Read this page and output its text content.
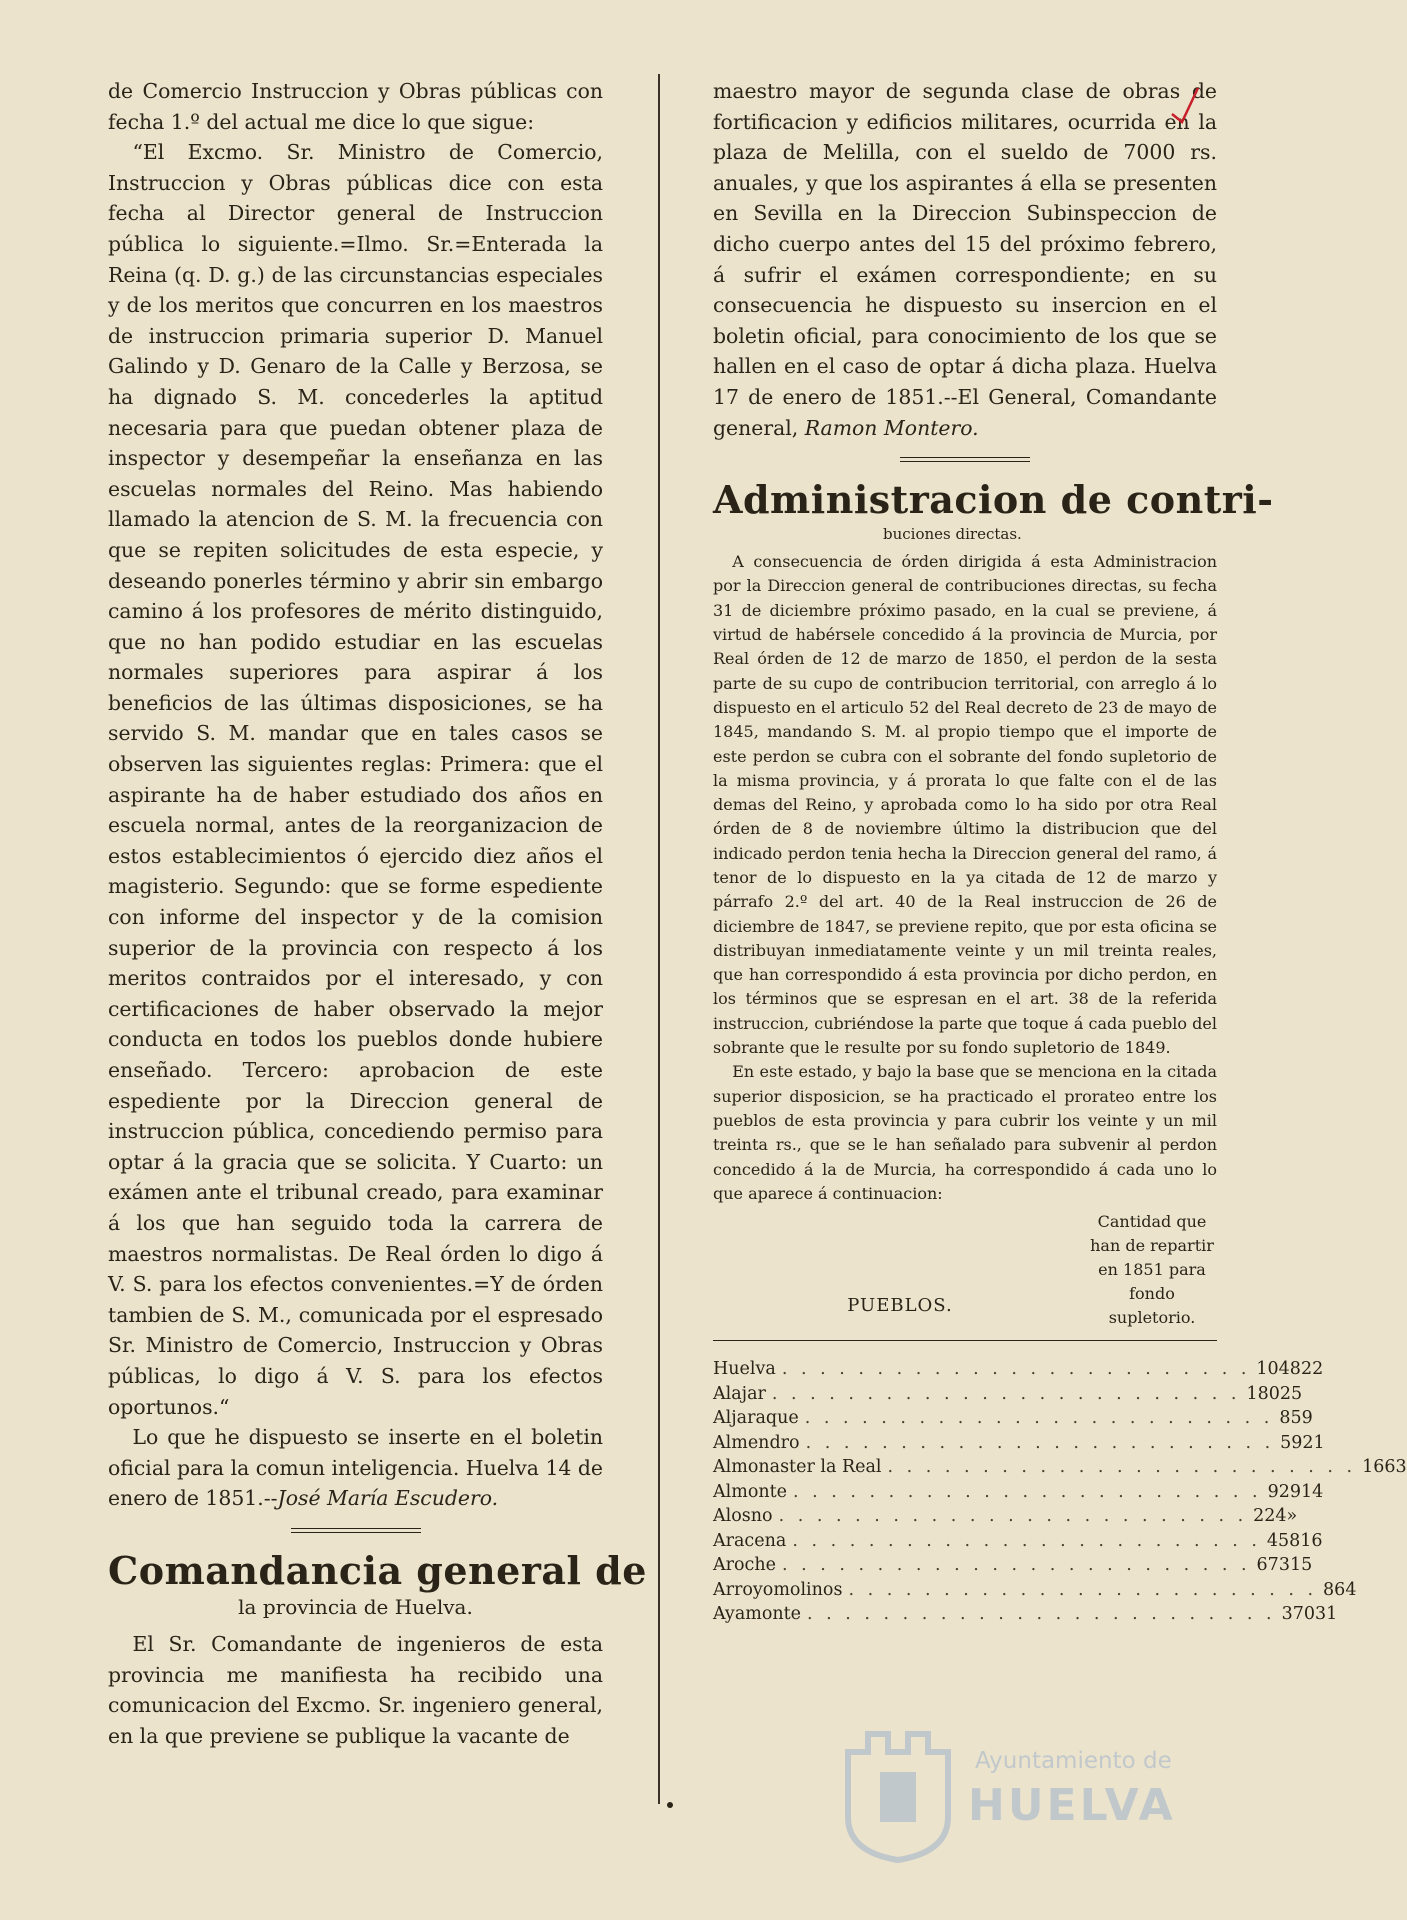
de Comercio Instruccion y Obras públicas con fecha 1.º del actual me dice lo que sigue:

“El Excmo. Sr. Ministro de Comercio, Instruccion y Obras públicas dice con esta fecha al Director general de Instruccion pública lo siguiente.=Ilmo. Sr.=Enterada la Reina (q. D. g.) de las circunstancias especiales y de los meritos que concurren en los maestros de instruccion primaria superior D. Manuel Galindo y D. Genaro de la Calle y Berzosa, se ha dignado S. M. concederles la aptitud necesaria para que puedan obtener plaza de inspector y desempeñar la enseñanza en las escuelas normales del Reino. Mas habiendo llamado la atencion de S. M. la frecuencia con que se repiten solicitudes de esta especie, y deseando ponerles término y abrir sin embargo camino á los profesores de mérito distinguido, que no han podido estudiar en las escuelas normales superiores para aspirar á los beneficios de las últimas disposiciones, se ha servido S. M. mandar que en tales casos se observen las siguientes reglas: Primera: que el aspirante ha de haber estudiado dos años en escuela normal, antes de la reorganizacion de estos establecimientos ó ejercido diez años el magisterio. Segundo: que se forme espediente con informe del inspector y de la comision superior de la provincia con respecto á los meritos contraidos por el interesado, y con certificaciones de haber observado la mejor conducta en todos los pueblos donde hubiere enseñado. Tercero: aprobacion de este espediente por la Direccion general de instruccion pública, concediendo permiso para optar á la gracia que se solicita. Y Cuarto: un exámen ante el tribunal creado, para examinar á los que han seguido toda la carrera de maestros normalistas. De Real órden lo digo á V. S. para los efectos convenientes.=Y de órden tambien de S. M., comunicada por el espresado Sr. Ministro de Comercio, Instruccion y Obras públicas, lo digo á V. S. para los efectos oportunos.“

Lo que he dispuesto se inserte en el boletin oficial para la comun inteligencia. Huelva 14 de enero de 1851.--José María Escudero.

Comandancia general de
la provincia de Huelva.

El Sr. Comandante de ingenieros de esta provincia me manifiesta ha recibido una comunicacion del Excmo. Sr. ingeniero general, en la que previene se publique la vacante de

maestro mayor de segunda clase de obras de fortificacion y edificios militares, ocurrida en la plaza de Melilla, con el sueldo de 7000 rs. anuales, y que los aspirantes á ella se presenten en Sevilla en la Direccion Subinspeccion de dicho cuerpo antes del 15 del próximo febrero, á sufrir el exámen correspondiente; en su consecuencia he dispuesto su insercion en el boletin oficial, para conocimiento de los que se hallen en el caso de optar á dicha plaza. Huelva 17 de enero de 1851.--El General, Comandante general, Ramon Montero.

Administracion de contri-
buciones directas.

A consecuencia de órden dirigida á esta Administracion por la Direccion general de contribuciones directas, su fecha 31 de diciembre próximo pasado, en la cual se previene, á virtud de habérsele concedido á la provincia de Murcia, por Real órden de 12 de marzo de 1850, el perdon de la sesta parte de su cupo de contribucion territorial, con arreglo á lo dispuesto en el articulo 52 del Real decreto de 23 de mayo de 1845, mandando S. M. al propio tiempo que el importe de este perdon se cubra con el sobrante del fondo supletorio de la misma provincia, y á prorata lo que falte con el de las demas del Reino, y aprobada como lo ha sido por otra Real órden de 8 de noviembre último la distribucion que del indicado perdon tenia hecha la Direccion general del ramo, á tenor de lo dispuesto en la ya citada de 12 de marzo y párrafo 2.º del art. 40 de la Real instruccion de 26 de diciembre de 1847, se previene repito, que por esta oficina se distribuyan inmediatamente veinte y un mil treinta reales, que han correspondido á esta provincia por dicho perdon, en los términos que se espresan en el art. 38 de la referida instruccion, cubriéndose la parte que toque á cada pueblo del sobrante que le resulte por su fondo supletorio de 1849.

En este estado, y bajo la base que se menciona en la citada superior disposicion, se ha practicado el prorateo entre los pueblos de esta provincia y para cubrir los veinte y un mil treinta rs., que se le han señalado para subvenir al perdon concedido á la de Murcia, ha correspondido á cada uno lo que aparece á continuacion:

PUEBLOS.
Cantidad que han de repartir en 1851 para fondo supletorio.
Huelva . . . . . . . . . . . . . . . . . . . . . . . . . 1048 22
Alajar . . . . . . . . . . . . . . . . . . . . . . . . . 180 25
Aljaraque . . . . . . . . . . . . . . . . . . . . . . . . . 85 9
Almendro . . . . . . . . . . . . . . . . . . . . . . . . . 59 21
Almonaster la Real . . . . . . . . . . . . . . . . . . . . . . . . . 166 3
Almonte . . . . . . . . . . . . . . . . . . . . . . . . . 929 14
Alosno . . . . . . . . . . . . . . . . . . . . . . . . . 224 »
Aracena . . . . . . . . . . . . . . . . . . . . . . . . . 458 16
Aroche . . . . . . . . . . . . . . . . . . . . . . . . . 673 15
Arroyomolinos . . . . . . . . . . . . . . . . . . . . . . . . . 86 4
Ayamonte . . . . . . . . . . . . . . . . . . . . . . . . . 370 31
Ayuntamiento de
HUELVA
